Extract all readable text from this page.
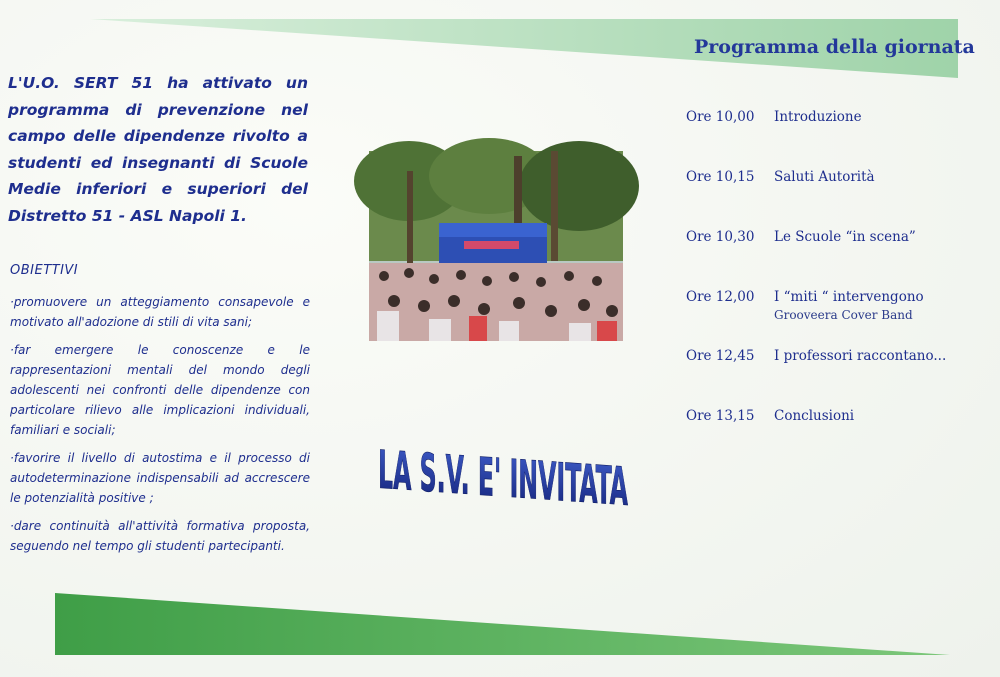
Programma della giornata
L'U.O. SERT 51 ha attivato un programma di prevenzione nel campo delle dipendenze rivolto a studenti ed insegnanti di Scuole Medie inferiori e superiori del Distretto 51 - ASL Napoli 1.
OBIETTIVI

·promuovere un atteggiamento consapevole e motivato all'adozione di stili di vita sani;

·far emergere le conoscenze e le rappresentazioni mentali del mondo degli adolescenti nei confronti delle dipendenze con particolare rilievo alle implicazioni individuali, familiari e sociali;

·favorire il livello di autostima e il processo di autodeterminazione indispensabili ad accrescere le potenzialità positive ;

·dare continuità all'attività formativa proposta, seguendo nel tempo gli studenti partecipanti.

LA S.V. E' INVITATA
Ore 10,00 Introduzione
Ore 10,15 Saluti Autorità
Ore 10,30 Le Scuole “in scena”
Ore 12,00 I “miti “ intervengono
Grooveera Cover Band
Ore 12,45 I professori raccontano...
Ore 13,15 Conclusioni
